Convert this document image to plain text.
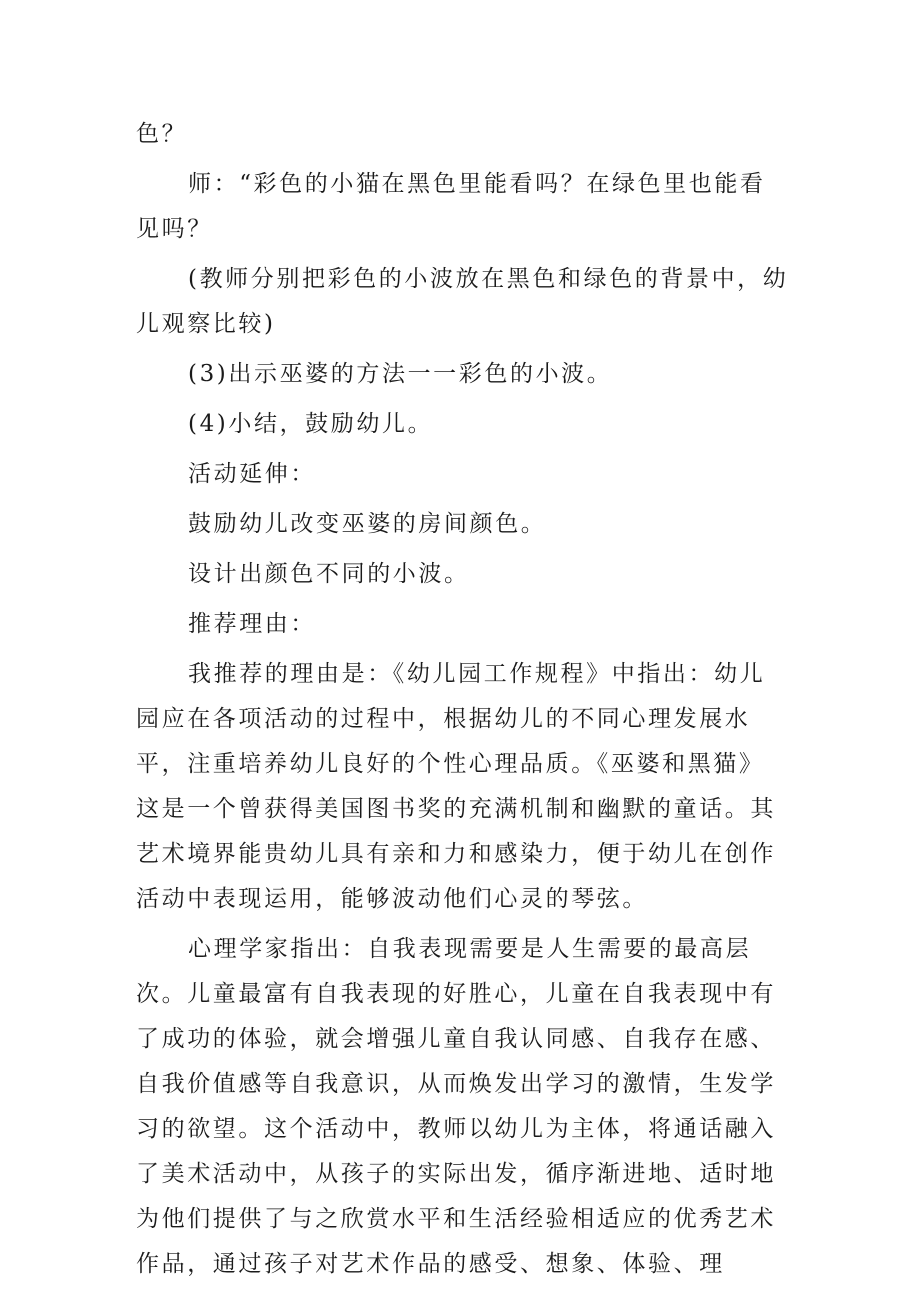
色？

师：“彩色的小猫在黑色里能看吗？在绿色里也能看见吗？

(教师分别把彩色的小波放在黑色和绿色的背景中，幼儿观察比较)

(3)出示巫婆的方法一一彩色的小波。

(4)小结，鼓励幼儿。

活动延伸：

鼓励幼儿改变巫婆的房间颜色。

设计出颜色不同的小波。

推荐理由：

我推荐的理由是：《幼儿园工作规程》中指出：幼儿园应在各项活动的过程中，根据幼儿的不同心理发展水平，注重培养幼儿良好的个性心理品质。《巫婆和黑猫》这是一个曾获得美国图书奖的充满机制和幽默的童话。其艺术境界能贵幼儿具有亲和力和感染力，便于幼儿在创作活动中表现运用，能够波动他们心灵的琴弦。

心理学家指出：自我表现需要是人生需要的最高层次。儿童最富有自我表现的好胜心，儿童在自我表现中有了成功的体验，就会增强儿童自我认同感、自我存在感、自我价值感等自我意识，从而焕发出学习的激情，生发学习的欲望。这个活动中，教师以幼儿为主体，将通话融入了美术活动中，从孩子的实际出发，循序渐进地、适时地为他们提供了与之欣赏水平和生活经验相适应的优秀艺术作品，通过孩子对艺术作品的感受、想象、体验、理
